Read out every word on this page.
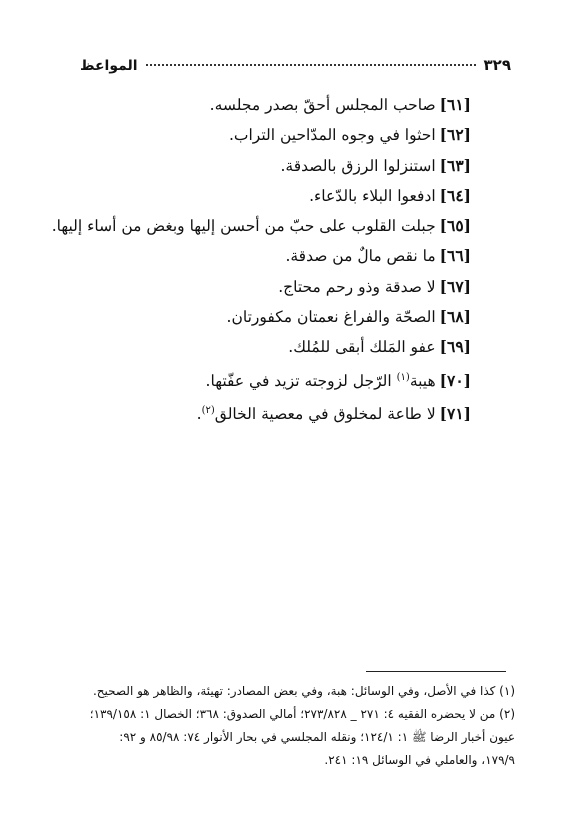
المواعظ	٣٢٩
[٦١]صاحب المجلس أحقّ بصدر مجلسه.
[٦٢]احثوا في وجوه المدّاحين التراب.
[٦٣]استنزلوا الرزق بالصدقة.
[٦٤]ادفعوا البلاء بالدّعاء.
[٦٥]جبلت القلوب على حبّ من أحسن إليها وبغض من أساء إليها.
[٦٦]ما نقص مالٌ من صدقة.
[٦٧]لا صدقة وذو رحم محتاج.
[٦٨]الصحّة والفراغ نعمتان مكفورتان.
[٦٩]عفو المَلك أبقى للمُلك.
[٧٠]هيبة$^{(١)}$ الرّجل لزوجته تزيد في عفّتها.
[٧١]لا طاعة لمخلوق في معصية الخالق$^{(٢)}$.
(١) كذا في الأصل، وفي الوسائل: هبة، وفي بعض المصادر: تهيئة، والظاهر هو الصحيح.
(٢) من لا يحضره الفقيه ٤: ٢٧١ _ ٢٧٣/٨٢٨؛ أمالي الصدوق: ٣٦٨؛ الخصال ١: ١٣٩/١٥٨؛
عيون أخبار الرضا ﷺ ١: ١٢٤/١؛ ونقله المجلسي في بحار الأنوار ٧٤: ٨٥/٩٨ و ٩٢:
١٧٩/٩، والعاملي في الوسائل ١٩: ٢٤١.
